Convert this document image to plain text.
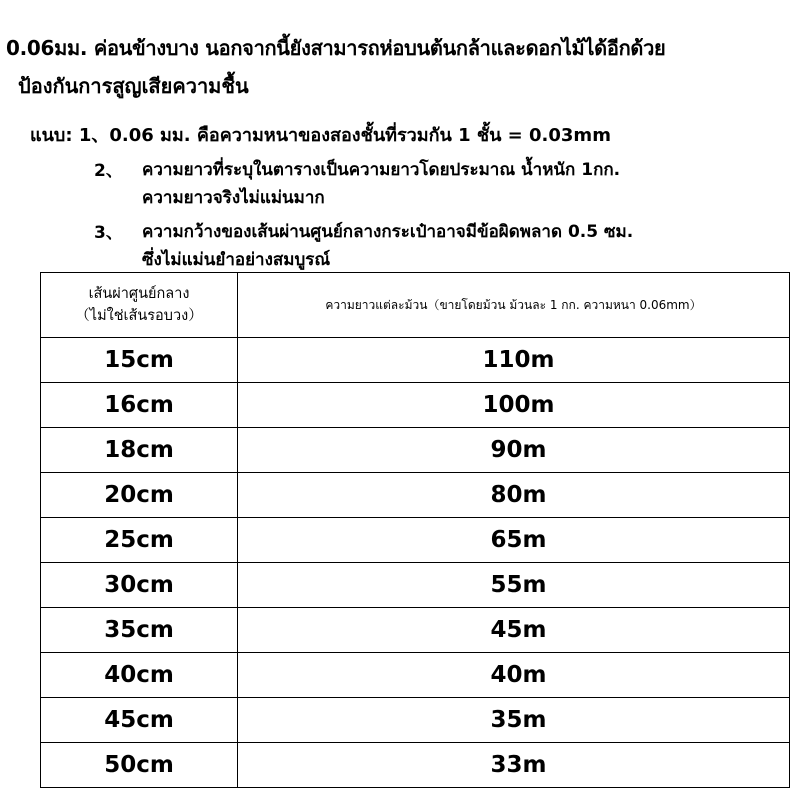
0.06มม. ค่อนข้างบาง นอกจากนี้ยังสามารถห่อบนต้นกล้าและดอกไม้ได้อีกด้วย
ป้องกันการสูญเสียความชื้น
แนบ: 1、0.06 มม. คือความหนาของสองชั้นที่รวมกัน 1 ชั้น = 0.03mm
2、 ความยาวที่ระบุในตารางเป็นความยาวโดยประมาณ น้ำหนัก 1กก.
ความยาวจริงไม่แม่นมาก
3、 ความกว้างของเส้นผ่านศูนย์กลางกระเป๋าอาจมีข้อผิดพลาด 0.5 ซม.
ซึ่งไม่แม่นยำอย่างสมบูรณ์
เส้นผ่าศูนย์กลาง
（ไม่ใช่เส้นรอบวง）	ความยาวแต่ละม้วน（ขายโดยม้วน ม้วนละ 1 กก. ความหนา 0.06mm）
15cm	110m
16cm	100m
18cm	90m
20cm	80m
25cm	65m
30cm	55m
35cm	45m
40cm	40m
45cm	35m
50cm	33m
